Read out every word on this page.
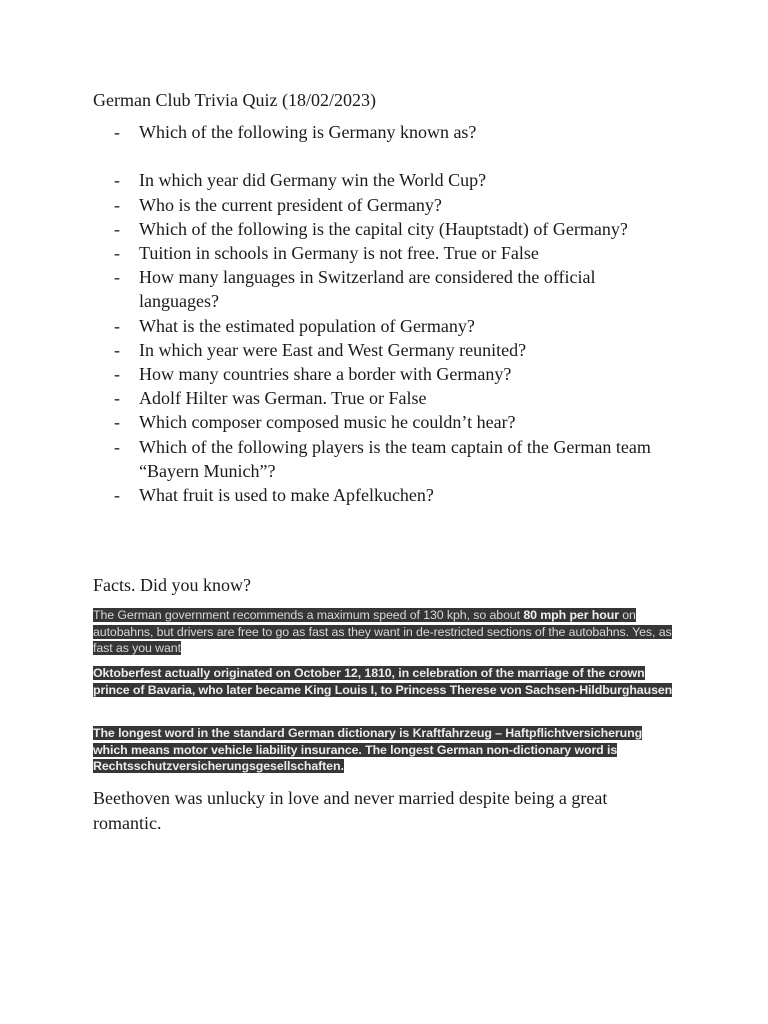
German Club Trivia Quiz (18/02/2023)
- Which of the following is Germany known as?
- In which year did Germany win the World Cup?
- Who is the current president of Germany?
- Which of the following is the capital city (Hauptstadt) of Germany?
- Tuition in schools in Germany is not free. True or False
- How many languages in Switzerland are considered the official languages?
- What is the estimated population of Germany?
- In which year were East and West Germany reunited?
- How many countries share a border with Germany?
- Adolf Hilter was German. True or False
- Which composer composed music he couldn’t hear?
- Which of the following players is the team captain of the German team “Bayern Munich”?
- What fruit is used to make Apfelkuchen?
Facts. Did you know?

The German government recommends a maximum speed of 130 kph, so about 80 mph per hour on autobahns, but drivers are free to go as fast as they want in de-restricted sections of the autobahns. Yes, as fast as you want

Oktoberfest actually originated on October 12, 1810, in celebration of the marriage of the crown prince of Bavaria, who later became King Louis I, to Princess Therese von Sachsen-Hildburghausen

The longest word in the standard German dictionary is Kraftfahrzeug – Haftpflichtversicherung which means motor vehicle liability insurance. The longest German non-dictionary word is Rechtsschutzversicherungsgesellschaften.

Beethoven was unlucky in love and never married despite being a great romantic.
